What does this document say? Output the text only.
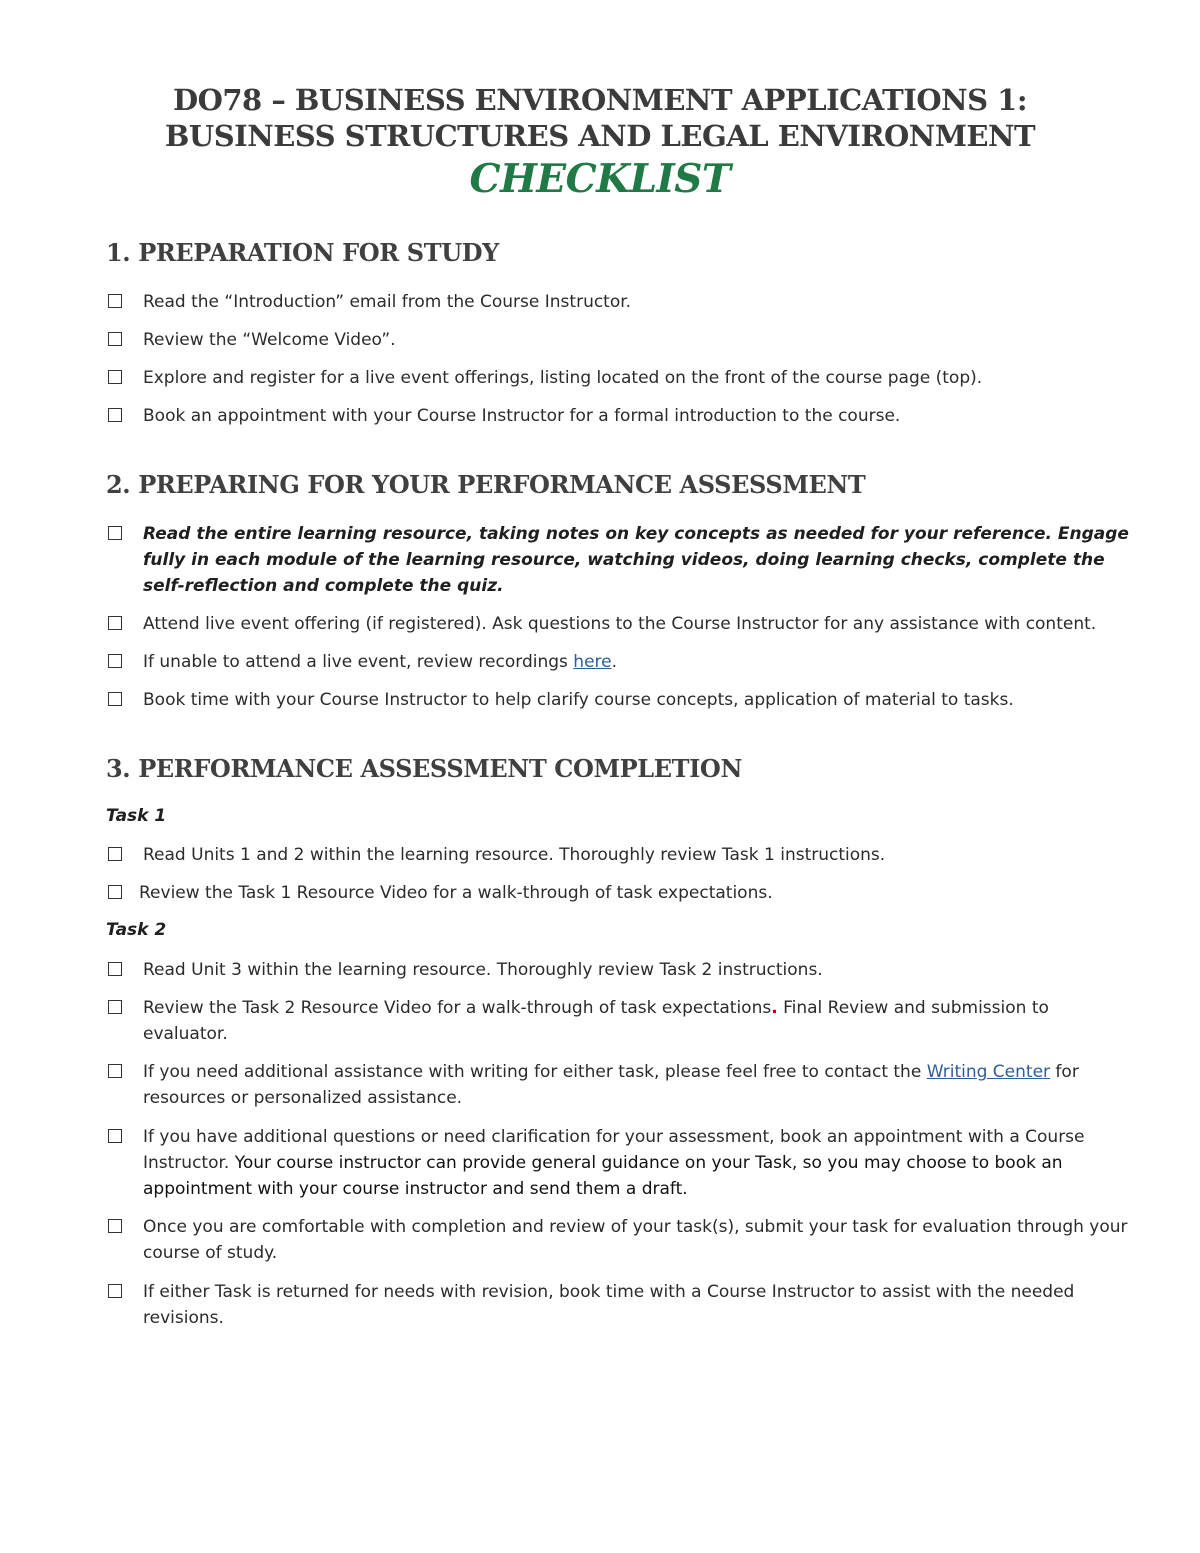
DO78 – BUSINESS ENVIRONMENT APPLICATIONS 1:
BUSINESS STRUCTURES AND LEGAL ENVIRONMENT
CHECKLIST
1. PREPARATION FOR STUDY
Read the “Introduction” email from the Course Instructor.
Review the “Welcome Video”.
Explore and register for a live event offerings, listing located on the front of the course page (top).
Book an appointment with your Course Instructor for a formal introduction to the course.
2. PREPARING FOR YOUR PERFORMANCE ASSESSMENT
Read the entire learning resource, taking notes on key concepts as needed for your reference. Engage fully in each module of the learning resource, watching videos, doing learning checks, complete the self-reflection and complete the quiz.
Attend live event offering (if registered). Ask questions to the Course Instructor for any assistance with content.
If unable to attend a live event, review recordings here.
Book time with your Course Instructor to help clarify course concepts, application of material to tasks.
3. PERFORMANCE ASSESSMENT COMPLETION
Task 1
Read Units 1 and 2 within the learning resource. Thoroughly review Task 1 instructions.
Review the Task 1 Resource Video for a walk-through of task expectations.
Task 2
Read Unit 3 within the learning resource. Thoroughly review Task 2 instructions.
Review the Task 2 Resource Video for a walk-through of task expectations. Final Review and submission to evaluator.
If you need additional assistance with writing for either task, please feel free to contact the Writing Center for resources or personalized assistance.
If you have additional questions or need clarification for your assessment, book an appointment with a Course Instructor. Your course instructor can provide general guidance on your Task, so you may choose to book an appointment with your course instructor and send them a draft.
Once you are comfortable with completion and review of your task(s), submit your task for evaluation through your course of study.
If either Task is returned for needs with revision, book time with a Course Instructor to assist with the needed revisions.
